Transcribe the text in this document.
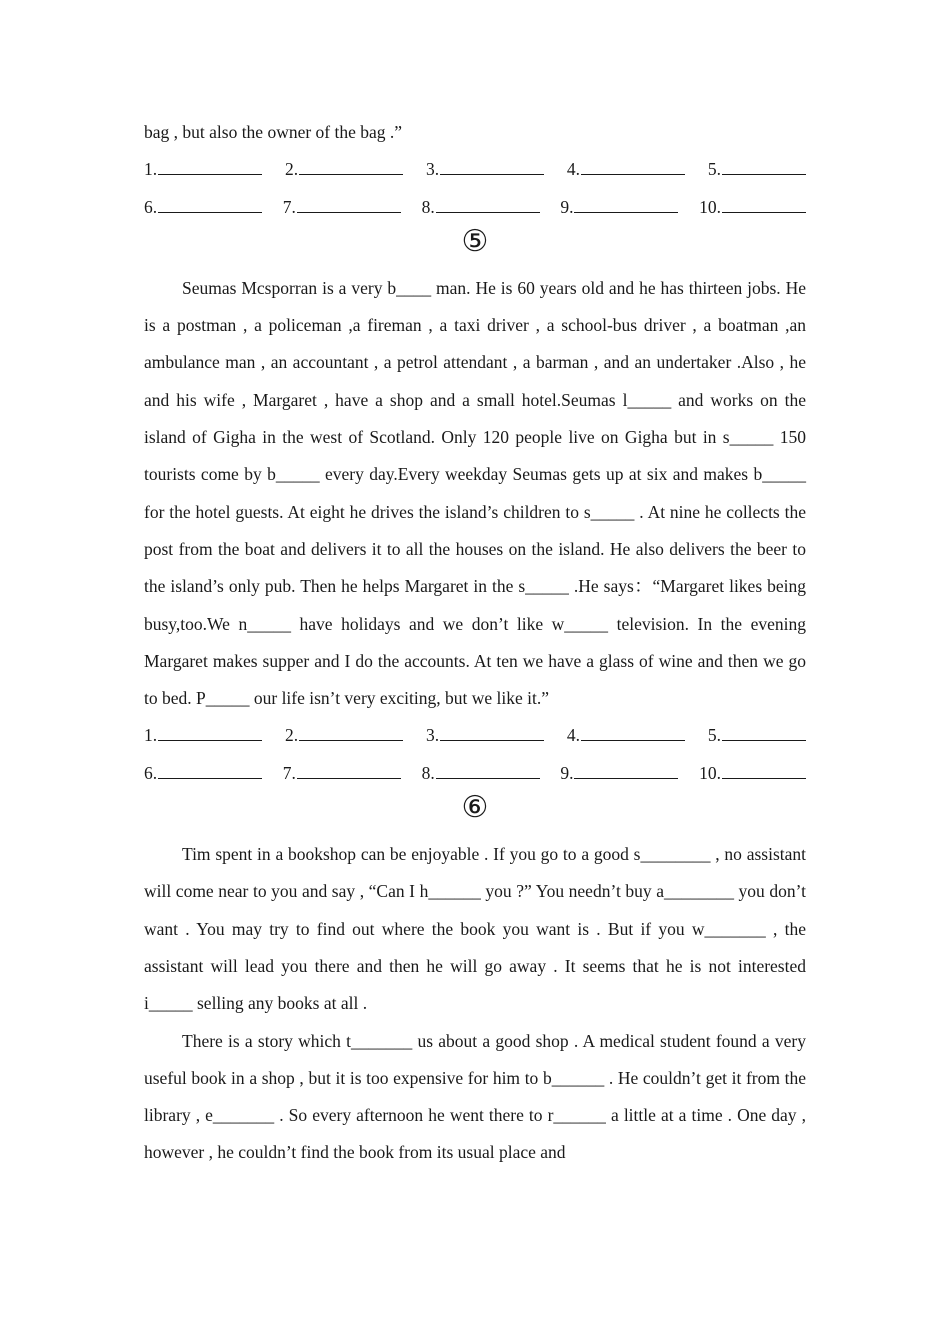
bag , but also the owner of the bag .”
1.	2.	3.	4.	5.
6.	7.	8.	9.	10.
⑤

Seumas Mcsporran is a very b____ man. He is 60 years old and he has thirteen jobs. He is a postman , a policeman ,a fireman , a taxi driver , a school-bus driver , a boatman ,an ambulance man , an accountant , a petrol attendant , a barman , and an undertaker .Also , he and his wife , Margaret , have a shop and a small hotel.Seumas l_____ and works on the island of Gigha in the west of Scotland. Only 120 people live on Gigha but in s_____ 150 tourists come by b_____ every day.Every weekday Seumas gets up at six and makes b_____ for the hotel guests. At eight he drives the island’s children to s_____ . At nine he collects the post from the boat and delivers it to all the houses on the island. He also delivers the beer to the island’s only pub. Then he helps Margaret in the s_____ .He says：“Margaret likes being busy,too.We n_____ have holidays and we don’t like w_____ television. In the evening Margaret makes supper and I do the accounts. At ten we have a glass of wine and then we go to bed. P_____ our life isn’t very exciting, but we like it.”

1.	2.	3.	4.	5.
6.	7.	8.	9.	10.
⑥

Tim spent in a bookshop can be enjoyable . If you go to a good s________ , no assistant will come near to you and say , “Can I h______ you ?” You needn’t buy a________ you don’t want . You may try to find out where the book you want is . But if you w_______ , the assistant will lead you there and then he will go away . It seems that he is not interested i_____ selling any books at all .

There is a story which t_______ us about a good shop . A medical student found a very useful book in a shop , but it is too expensive for him to b______ . He couldn’t get it from the library , e_______ . So every afternoon he went there to r______ a little at a time . One day , however , he couldn’t find the book from its usual place and
